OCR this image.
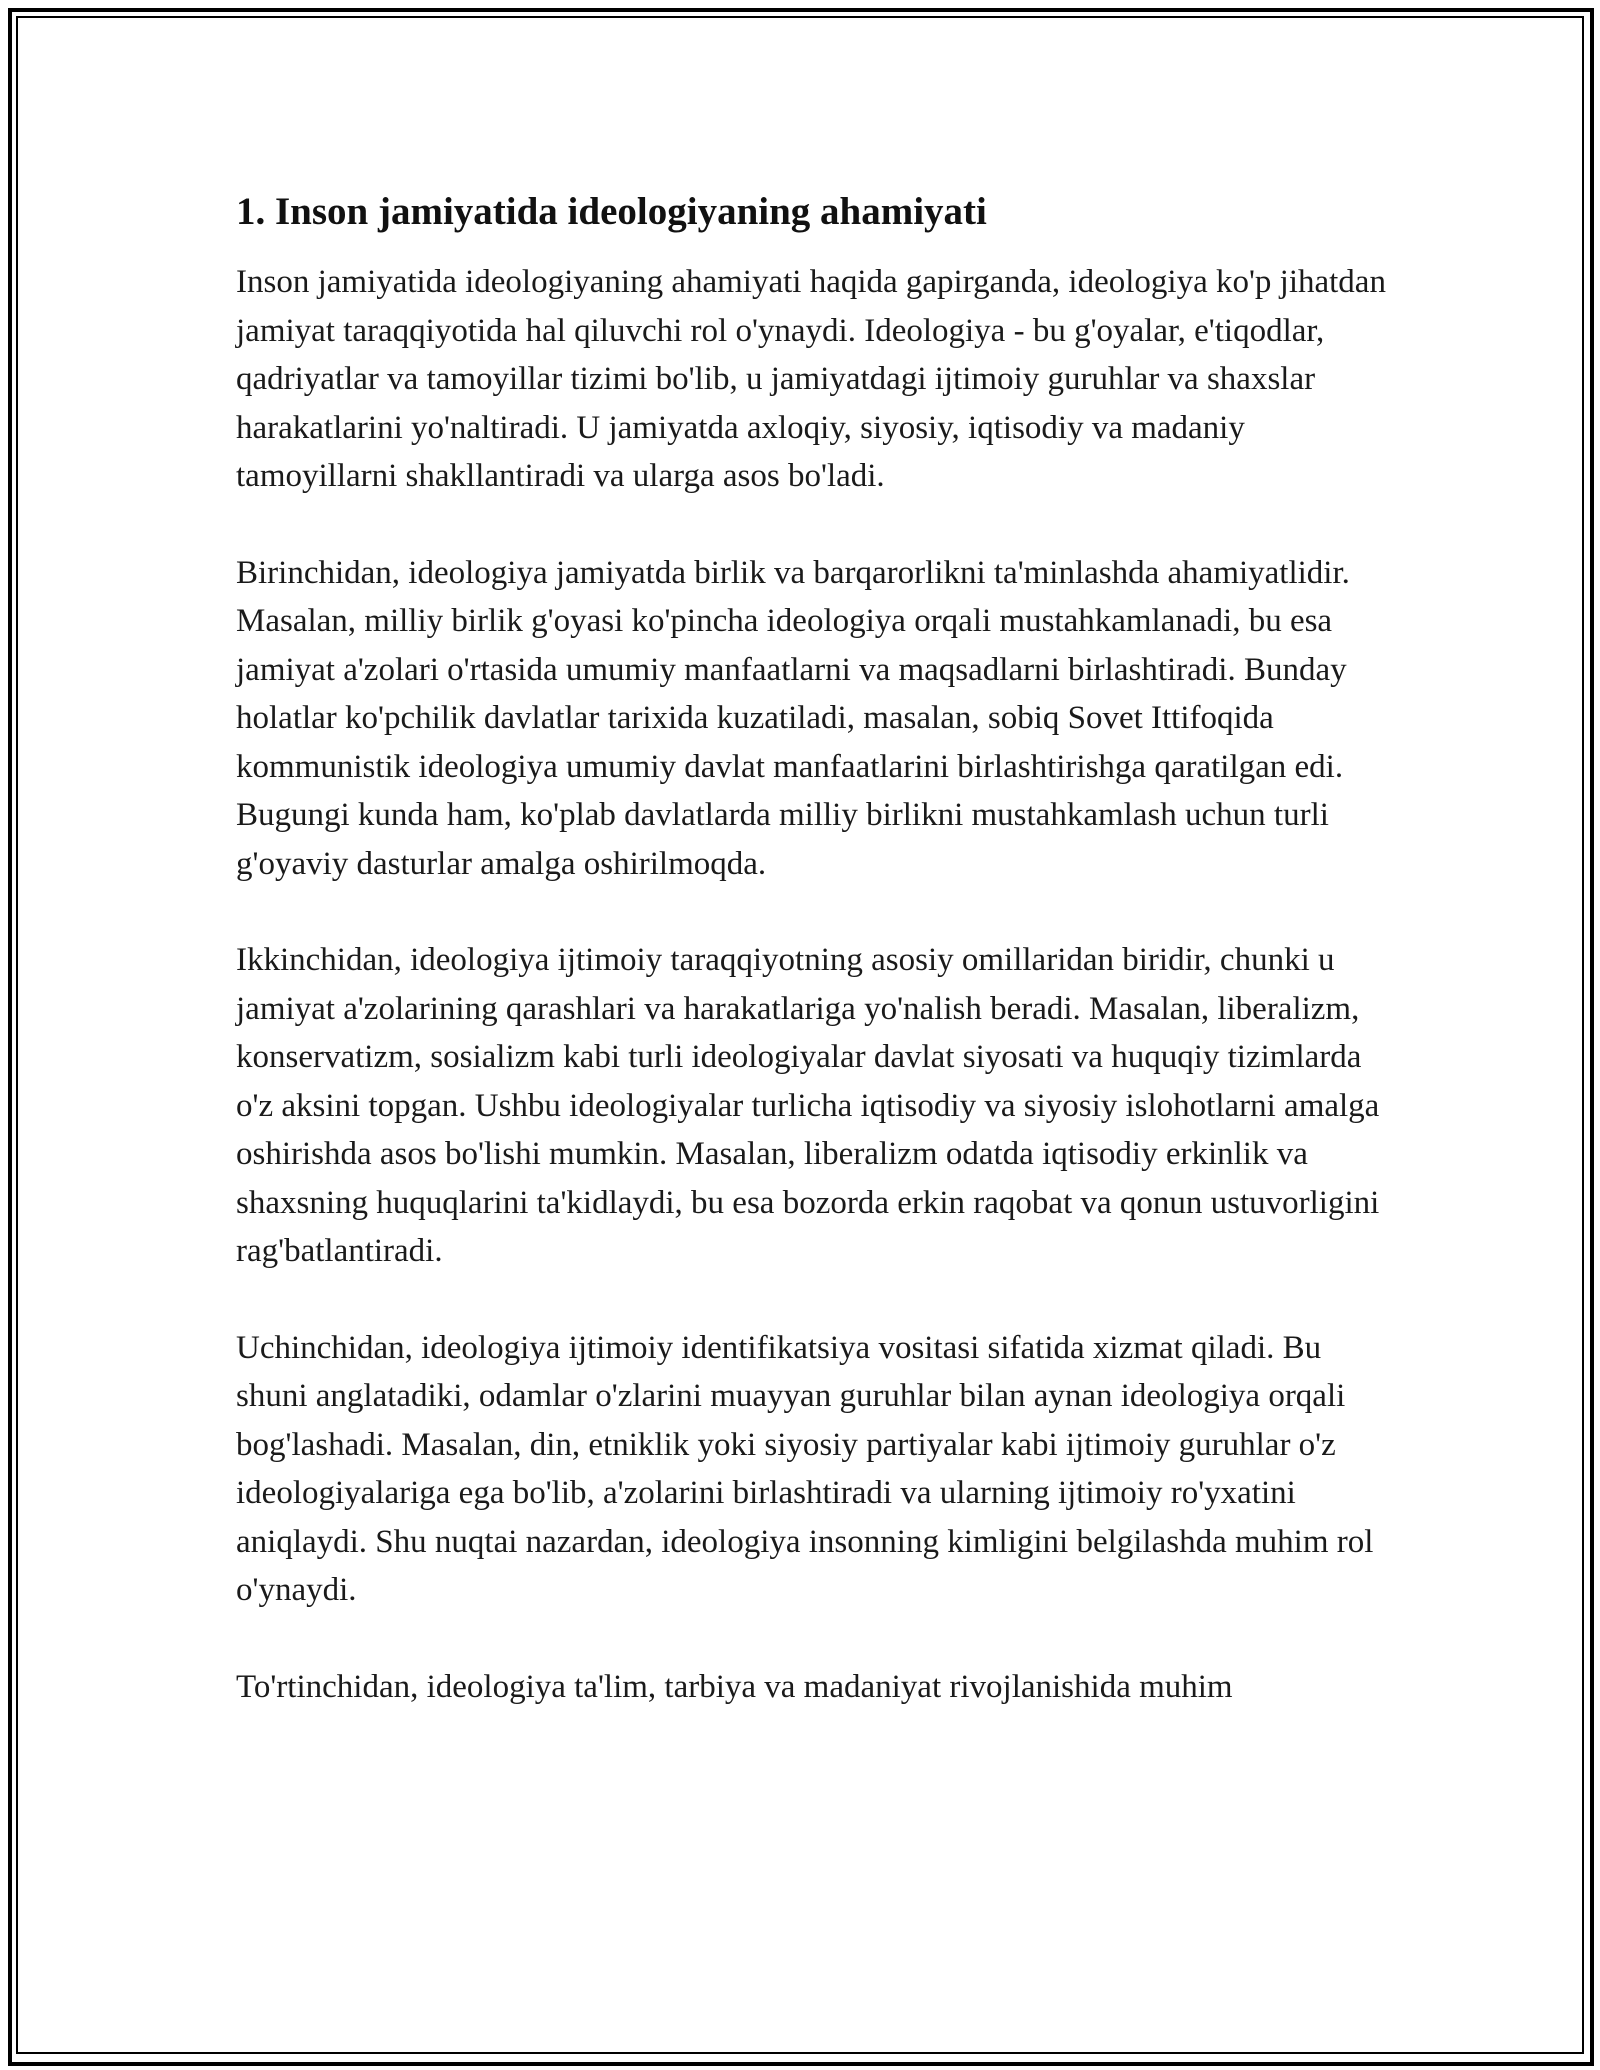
1. Inson jamiyatida ideologiyaning ahamiyati

Inson jamiyatida ideologiyaning ahamiyati haqida gapirganda, ideologiya ko'p jihatdan jamiyat taraqqiyotida hal qiluvchi rol o'ynaydi. Ideologiya - bu g'oyalar, e'tiqodlar, qadriyatlar va tamoyillar tizimi bo'lib, u jamiyatdagi ijtimoiy guruhlar va shaxslar harakatlarini yo'naltiradi. U jamiyatda axloqiy, siyosiy, iqtisodiy va madaniy tamoyillarni shakllantiradi va ularga asos bo'ladi.

Birinchidan, ideologiya jamiyatda birlik va barqarorlikni ta'minlashda ahamiyatlidir. Masalan, milliy birlik g'oyasi ko'pincha ideologiya orqali mustahkamlanadi, bu esa jamiyat a'zolari o'rtasida umumiy manfaatlarni va maqsadlarni birlashtiradi. Bunday holatlar ko'pchilik davlatlar tarixida kuzatiladi, masalan, sobiq Sovet Ittifoqida kommunistik ideologiya umumiy davlat manfaatlarini birlashtirishga qaratilgan edi. Bugungi kunda ham, ko'plab davlatlarda milliy birlikni mustahkamlash uchun turli g'oyaviy dasturlar amalga oshirilmoqda.

Ikkinchidan, ideologiya ijtimoiy taraqqiyotning asosiy omillaridan biridir, chunki u jamiyat a'zolarining qarashlari va harakatlariga yo'nalish beradi. Masalan, liberalizm, konservatizm, sosializm kabi turli ideologiyalar davlat siyosati va huquqiy tizimlarda o'z aksini topgan. Ushbu ideologiyalar turlicha iqtisodiy va siyosiy islohotlarni amalga oshirishda asos bo'lishi mumkin. Masalan, liberalizm odatda iqtisodiy erkinlik va shaxsning huquqlarini ta'kidlaydi, bu esa bozorda erkin raqobat va qonun ustuvorligini rag'batlantiradi.

Uchinchidan, ideologiya ijtimoiy identifikatsiya vositasi sifatida xizmat qiladi. Bu shuni anglatadiki, odamlar o'zlarini muayyan guruhlar bilan aynan ideologiya orqali bog'lashadi. Masalan, din, etniklik yoki siyosiy partiyalar kabi ijtimoiy guruhlar o'z ideologiyalariga ega bo'lib, a'zolarini birlashtiradi va ularning ijtimoiy ro'yxatini aniqlaydi. Shu nuqtai nazardan, ideologiya insonning kimligini belgilashda muhim rol o'ynaydi.

To'rtinchidan, ideologiya ta'lim, tarbiya va madaniyat rivojlanishida muhim
